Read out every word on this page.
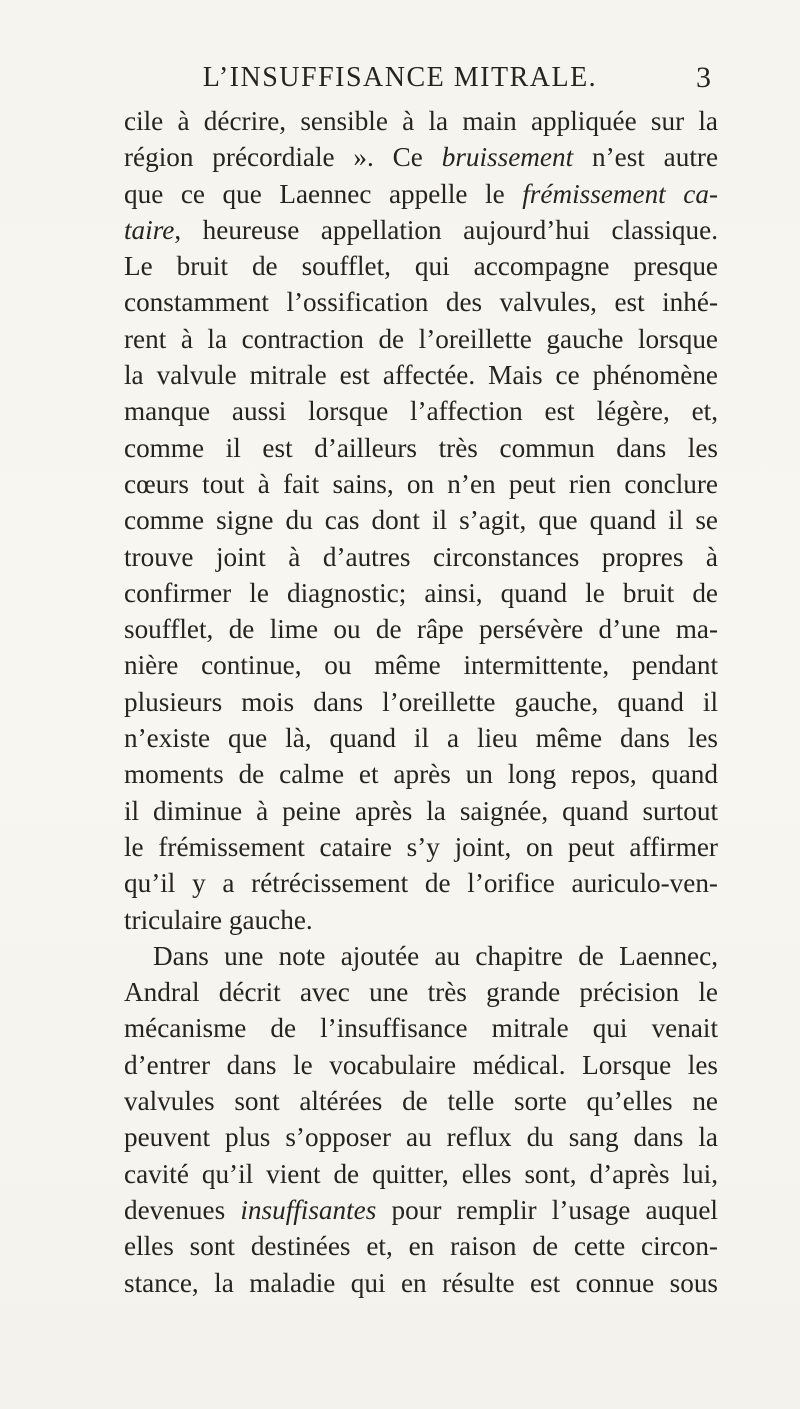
L’INSUFFISANCE MITRALE.	3
cile à décrire, sensible à la main appliquée sur la
région précordiale ». Ce bruissement n’est autre
que ce que Laennec appelle le frémissement ca-
taire, heureuse appellation aujourd’hui classique.
Le bruit de soufflet, qui accompagne presque
constamment l’ossification des valvules, est inhé-
rent à la contraction de l’oreillette gauche lorsque
la valvule mitrale est affectée. Mais ce phénomène
manque aussi lorsque l’affection est légère, et,
comme il est d’ailleurs très commun dans les
cœurs tout à fait sains, on n’en peut rien conclure
comme signe du cas dont il s’agit, que quand il se
trouve joint à d’autres circonstances propres à
confirmer le diagnostic; ainsi, quand le bruit de
soufflet, de lime ou de râpe persévère d’une ma-
nière continue, ou même intermittente, pendant
plusieurs mois dans l’oreillette gauche, quand il
n’existe que là, quand il a lieu même dans les
moments de calme et après un long repos, quand
il diminue à peine après la saignée, quand surtout
le frémissement cataire s’y joint, on peut affirmer
qu’il y a rétrécissement de l’orifice auriculo-ven-
triculaire gauche.
Dans une note ajoutée au chapitre de Laennec,
Andral décrit avec une très grande précision le
mécanisme de l’insuffisance mitrale qui venait
d’entrer dans le vocabulaire médical. Lorsque les
valvules sont altérées de telle sorte qu’elles ne
peuvent plus s’opposer au reflux du sang dans la
cavité qu’il vient de quitter, elles sont, d’après lui,
devenues insuffisantes pour remplir l’usage auquel
elles sont destinées et, en raison de cette circon-
stance, la maladie qui en résulte est connue sous
